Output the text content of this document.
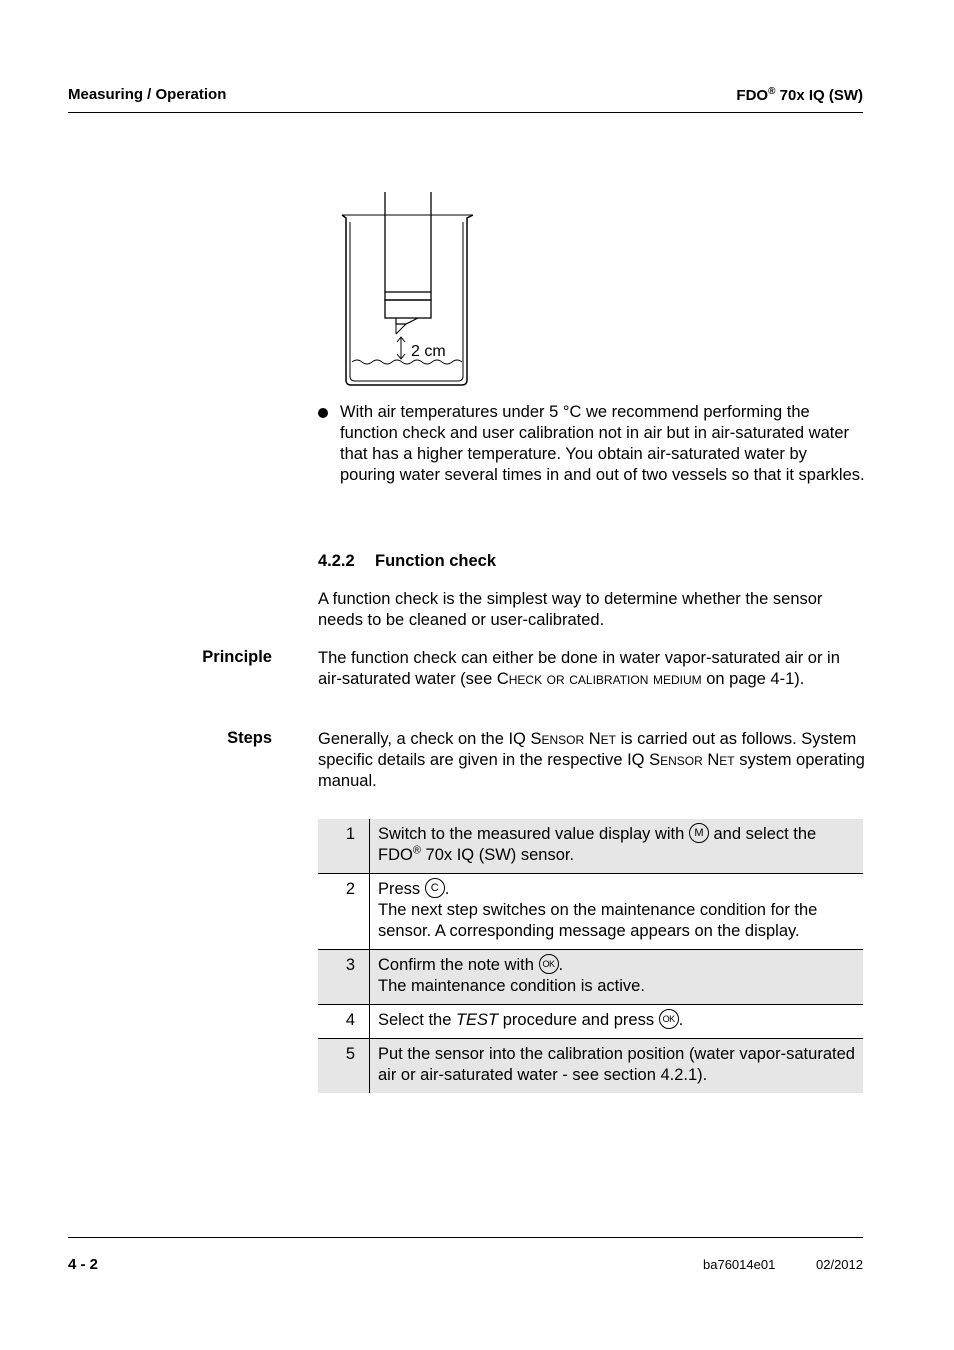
Measuring / Operation	FDO® 70x IQ (SW)
2 cm
With air temperatures under 5 °C we recommend performing the function check and user calibration not in air but in air-saturated water that has a higher temperature. You obtain air-saturated water by pouring water several times in and out of two vessels so that it sparkles.
4.2.2 Function check
A function check is the simplest way to determine whether the sensor needs to be cleaned or user-calibrated.
Principle	The function check can either be done in water vapor-saturated air or in air-saturated water (see Check or calibration medium on page 4-1).
Steps	Generally, a check on the IQ Sensor Net is carried out as follows. System specific details are given in the respective IQ Sensor Net system operating manual.
1	Switch to the measured value display with M and select the FDO® 70x IQ (SW) sensor.
2	Press C .
The next step switches on the maintenance condition for the sensor. A corresponding message appears on the display.
3	Confirm the note with OK .
The maintenance condition is active.
4	Select the TEST procedure and press OK .
5	Put the sensor into the calibration position (water vapor-saturated air or air-saturated water - see section 4.2.1).
4 - 2	ba76014e01	02/2012
